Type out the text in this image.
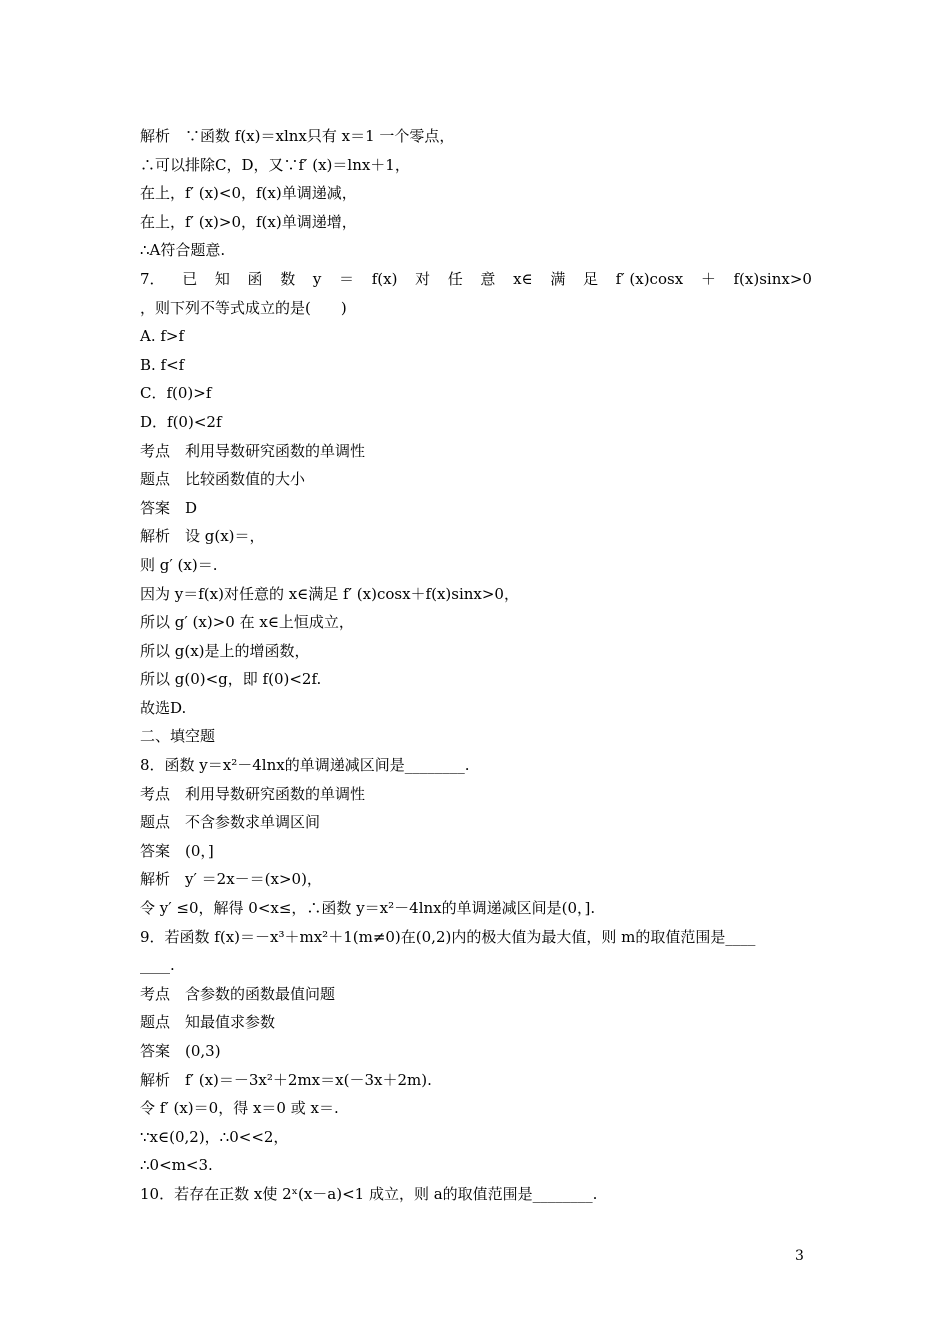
解析　∵函数 f(x)＝xlnx只有 x＝1 一个零点，
∴可以排除C，D，又∵f′ (x)＝lnx＋1，
在上，f′ (x)<0，f(x)单调递减，
在上，f′ (x)>0，f(x)单调递增，
∴A符合题意.
7． 已 知 函 数 y ＝ f(x) 对 任 意 x∈ 满 足 f′ (x)cosx ＋ f(x)sinx>0
，则下列不等式成立的是(　　)
A. f>f
B. f<f
C．f(0)>f
D．f(0)<2f
考点　利用导数研究函数的单调性
题点　比较函数值的大小
答案　D
解析　设 g(x)＝，
则 g′ (x)＝.
因为 y＝f(x)对任意的 x∈满足 f′ (x)cosx＋f(x)sinx>0，
所以 g′ (x)>0 在 x∈上恒成立，
所以 g(x)是上的增函数，
所以 g(0)<g，即 f(0)<2f.
故选D.
二、填空题
8．函数 y＝x²－4lnx的单调递减区间是________.
考点　利用导数研究函数的单调性
题点　不含参数求单调区间
答案　(0，]
解析　y′ ＝2x－＝(x>0)，
令 y′ ≤0，解得 0<x≤，∴函数 y＝x²－4lnx的单调递减区间是(0，].
9．若函数 f(x)＝－x³＋mx²＋1(m≠0)在(0,2)内的极大值为最大值，则 m的取值范围是____
____.
考点　含参数的函数最值问题
题点　知最值求参数
答案　(0,3)
解析　f′ (x)＝－3x²＋2mx＝x(－3x＋2m).
令 f′ (x)＝0，得 x＝0 或 x＝.
∵x∈(0,2)，∴0<<2，
∴0<m<3.
10．若存在正数 x使 2ˣ(x－a)<1 成立，则 a的取值范围是________.
3
